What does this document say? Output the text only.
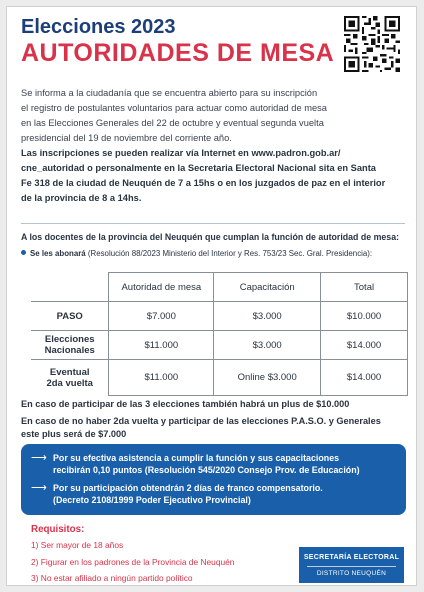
Elecciones 2023
AUTORIDADES DE MESA
Se informa a la ciudadanía que se encuentra abierto para su inscripción
el registro de postulantes voluntarios para actuar como autoridad de mesa
en las Elecciones Generales del 22 de octubre y eventual segunda vuelta
presidencial del 19 de noviembre del corriente año.
Las inscripciones se pueden realizar vía Internet en www.padron.gob.ar/
cne_autoridad o personalmente en la Secretaria Electoral Nacional sita en Santa
Fe 318 de la ciudad de Neuquén de 7 a 15hs o en los juzgados de paz en el interior
de la provincia de 8 a 14hs.
A los docentes de la provincia del Neuquén que cumplan la función de autoridad de mesa:
Se les abonará (Resolución 88/2023 Ministerio del Interior y Res. 753/23 Sec. Gral. Presidencia):
	Autoridad de mesa	Capacitación	Total
PASO	$7.000	$3.000	$10.000

Elecciones
Nacionales	$11.000	$3.000	$14.000

Eventual
2da vuelta	$11.000	Online $3.000	$14.000
En caso de participar de las 3 elecciones también habrá un plus de $10.000
En caso de no haber 2da vuelta y participar de las elecciones P.A.S.O. y Generales
este plus será de $7.000
⟶ Por su efectiva asistencia a cumplir la función y sus capacitaciones
recibirán 0,10 puntos (Resolución 545/2020 Consejo Prov. de Educación)
⟶ Por su participación obtendrán 2 días de franco compensatorio.
(Decreto 2108/1999 Poder Ejecutivo Provincial)
Requisitos:
1) Ser mayor de 18 años
2) Figurar en los padrones de la Provincia de Neuquén
3) No estar afiliado a ningún partido político
SECRETARÍA ELECTORAL
DISTRITO NEUQUÉN
